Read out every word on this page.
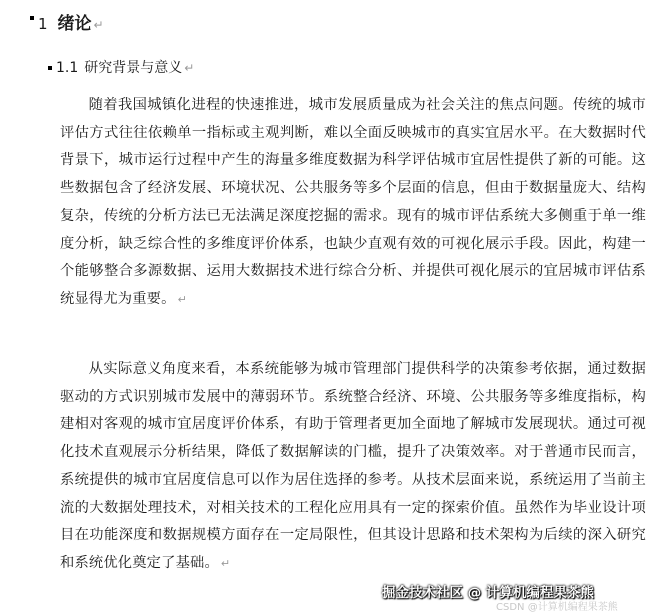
1 绪论 ↵
1.1 研究背景与意义 ↵

随着我国城镇化进程的快速推进，城市发展质量成为社会关注的焦点问题。传统的城市评估方式往往依赖单一指标或主观判断，难以全面反映城市的真实宜居水平。在大数据时代背景下，城市运行过程中产生的海量多维度数据为科学评估城市宜居性提供了新的可能。这些数据包含了经济发展、环境状况、公共服务等多个层面的信息，但由于数据量庞大、结构复杂，传统的分析方法已无法满足深度挖掘的需求。现有的城市评估系统大多侧重于单一维度分析，缺乏综合性的多维度评价体系，也缺少直观有效的可视化展示手段。因此，构建一个能够整合多源数据、运用大数据技术进行综合分析、并提供可视化展示的宜居城市评估系统显得尤为重要。 ↵

从实际意义角度来看，本系统能够为城市管理部门提供科学的决策参考依据，通过数据驱动的方式识别城市发展中的薄弱环节。系统整合经济、环境、公共服务等多维度指标，构建相对客观的城市宜居度评价体系，有助于管理者更加全面地了解城市发展现状。通过可视化技术直观展示分析结果，降低了数据解读的门槛，提升了决策效率。对于普通市民而言，系统提供的城市宜居度信息可以作为居住选择的参考。从技术层面来说，系统运用了当前主流的大数据处理技术，对相关技术的工程化应用具有一定的探索价值。虽然作为毕业设计项目在功能深度和数据规模方面存在一定局限性，但其设计思路和技术架构为后续的深入研究和系统优化奠定了基础。 ↵

掘金技术社区 @ 计算机编程果茶熊
CSDN @计算机编程果茶熊
